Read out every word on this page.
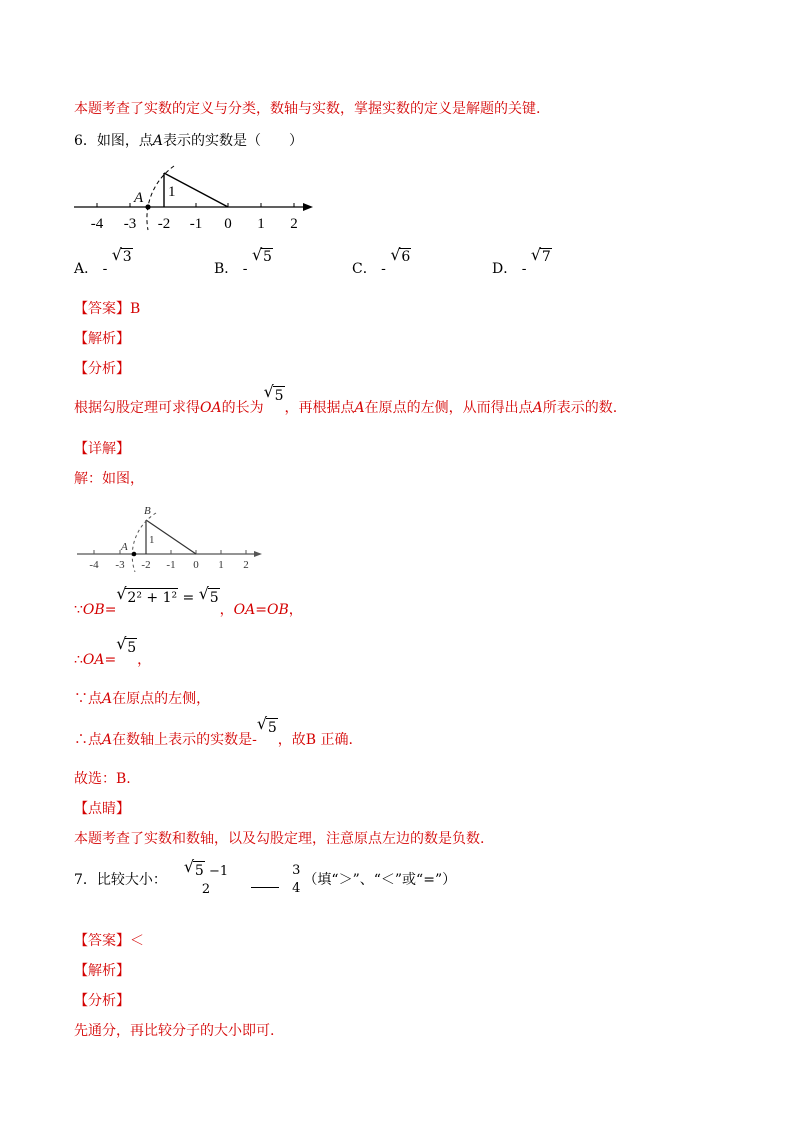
本题考查了实数的定义与分类，数轴与实数，掌握实数的定义是解题的关键.
6．如图，点A表示的实数是（　　）
A 1
-4 -3 -2 -1 0 1 2
A． -
√ 3
B． -
√ 5
C． -
√ 6
D． -
√ 7
【答案】B
【解析】
【分析】
根据勾股定理可求得OA的长为
√ 5，再根据点A在原点的左侧，从而得出点A所表示的数.
【详解】
解：如图，
A
B
1
-4 -3 -2 -1 0 1 2
∵OB=
√ 2² + 1² = √ 5，OA=OB，
∴OA=
√ 5，
∵点A在原点的左侧，
∴点A在数轴上表示的实数是-
√ 5，故B 正确.
故选：B.
【点睛】
本题考查了实数和数轴，以及勾股定理，注意原点左边的数是负数.
7．比较大小：
√ 5 −1
2
3
4
（填“＞”、“＜”或“=”）
【答案】＜
【解析】
【分析】
先通分，再比较分子的大小即可.
